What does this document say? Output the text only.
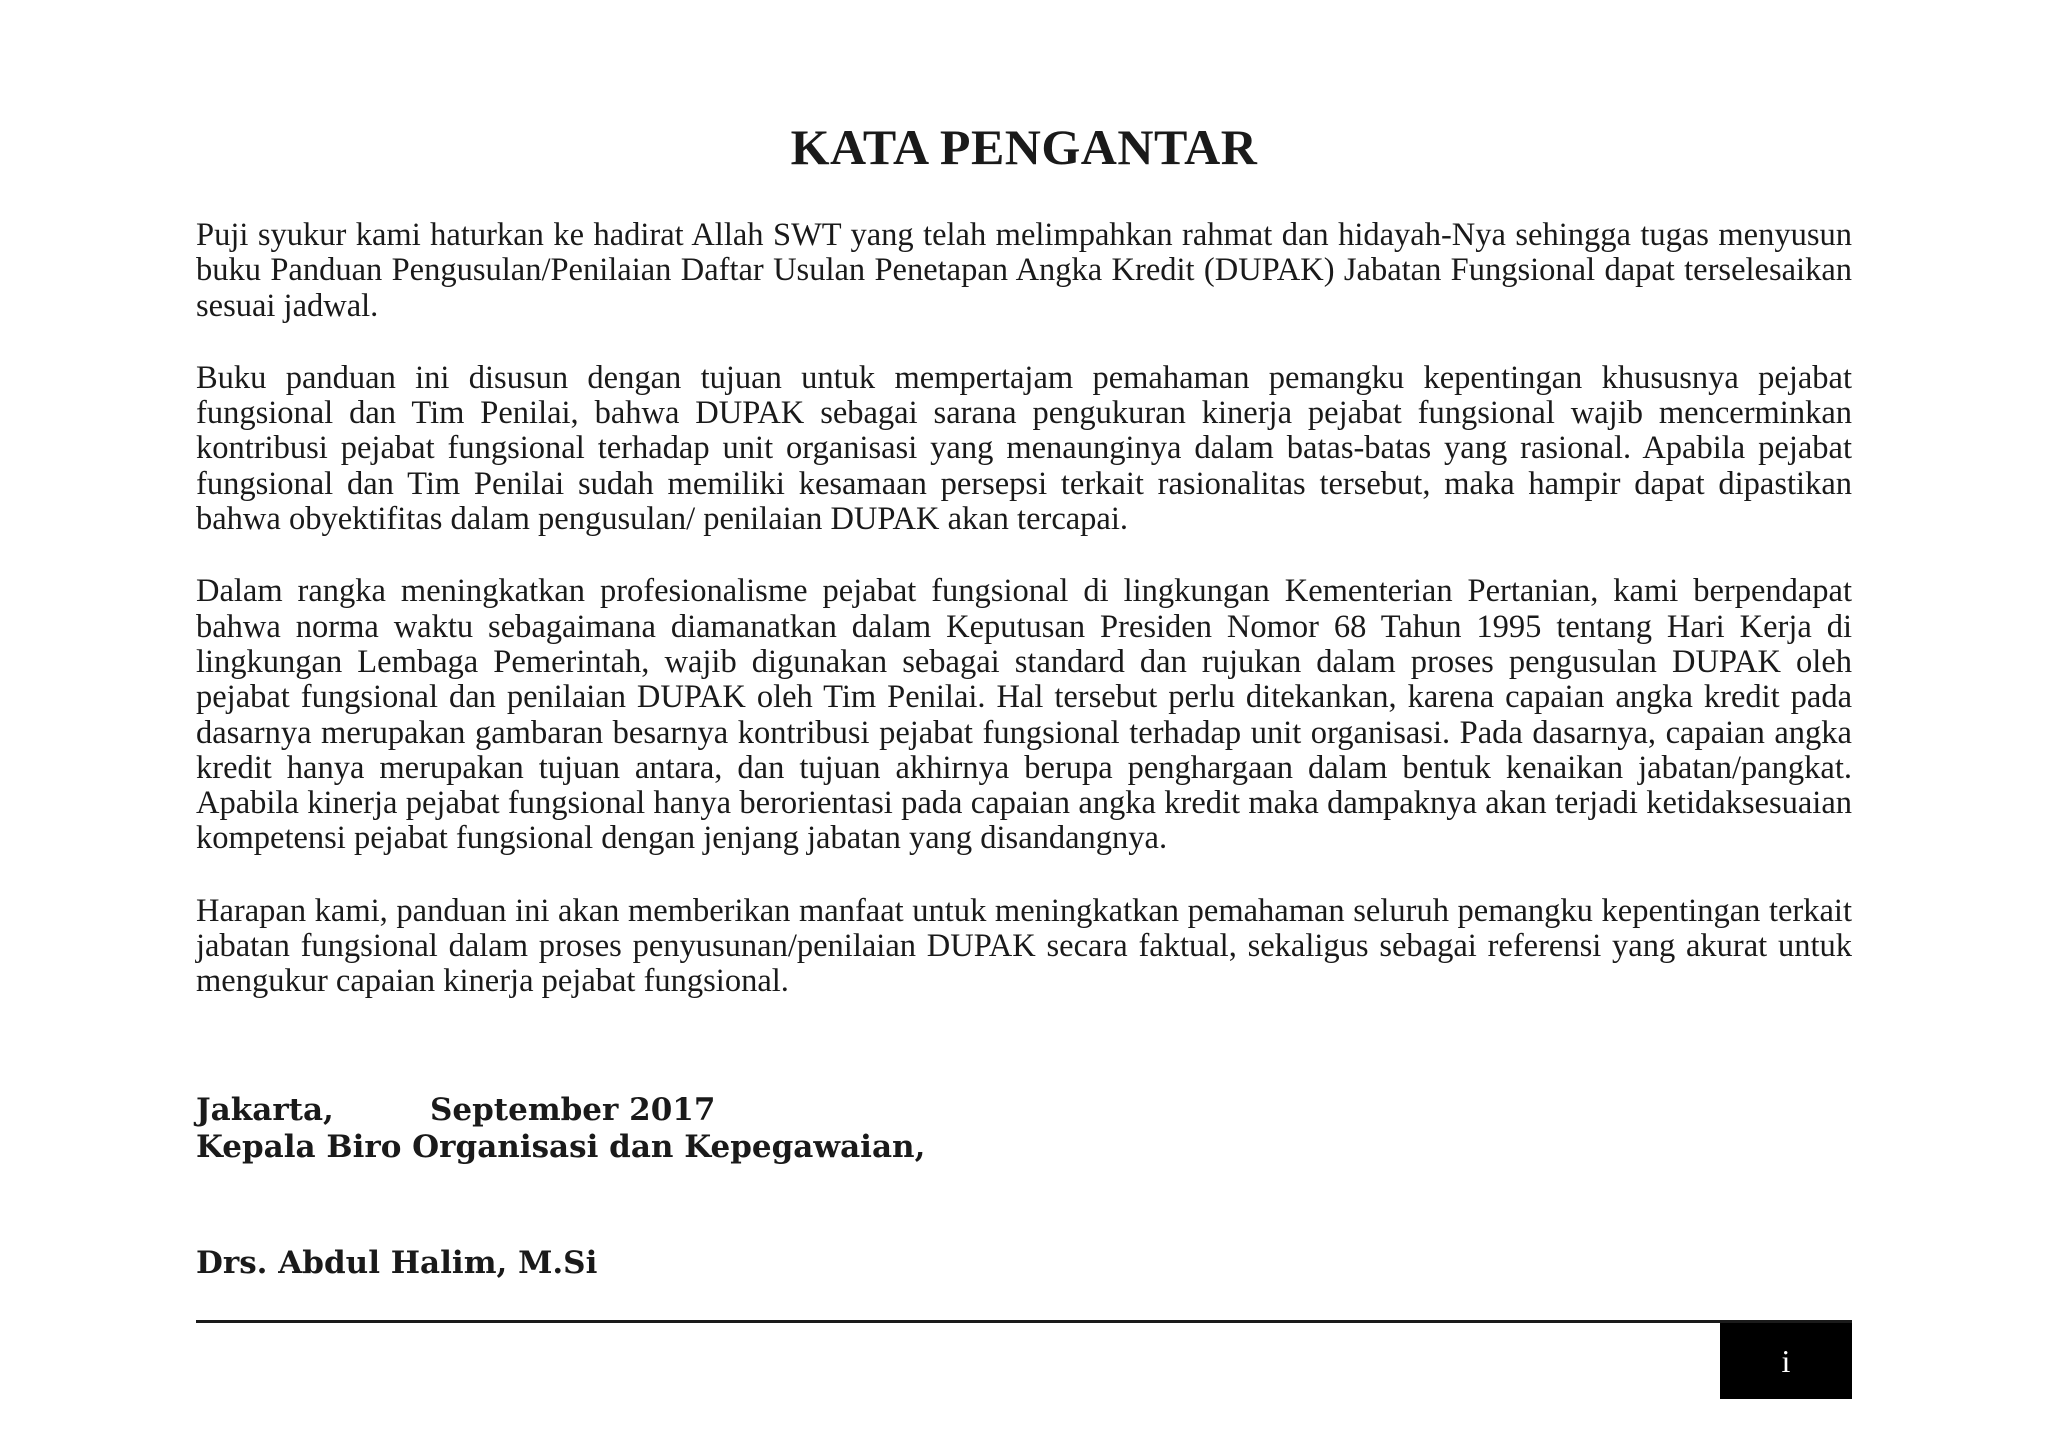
KATA PENGANTAR

Puji syukur kami haturkan ke hadirat Allah SWT yang telah melimpahkan rahmat dan hidayah-Nya sehingga tugas menyusun buku Panduan Pengusulan/Penilaian Daftar Usulan Penetapan Angka Kredit (DUPAK) Jabatan Fungsional dapat terselesaikan sesuai jadwal.

Buku panduan ini disusun dengan tujuan untuk mempertajam pemahaman pemangku kepentingan khususnya pejabat fungsional dan Tim Penilai, bahwa DUPAK sebagai sarana pengukuran kinerja pejabat fungsional wajib mencerminkan kontribusi pejabat fungsional terhadap unit organisasi yang menaunginya dalam batas-batas yang rasional. Apabila pejabat fungsional dan Tim Penilai sudah memiliki kesamaan persepsi terkait rasionalitas tersebut, maka hampir dapat dipastikan bahwa obyektifitas dalam pengusulan/ penilaian DUPAK akan tercapai.

Dalam rangka meningkatkan profesionalisme pejabat fungsional di lingkungan Kementerian Pertanian, kami berpendapat bahwa norma waktu sebagaimana diamanatkan dalam Keputusan Presiden Nomor 68 Tahun 1995 tentang Hari Kerja di lingkungan Lembaga Pemerintah, wajib digunakan sebagai standard dan rujukan dalam proses pengusulan DUPAK oleh pejabat fungsional dan penilaian DUPAK oleh Tim Penilai. Hal tersebut perlu ditekankan, karena capaian angka kredit pada dasarnya merupakan gambaran besarnya kontribusi pejabat fungsional terhadap unit organisasi. Pada dasarnya, capaian angka kredit hanya merupakan tujuan antara, dan tujuan akhirnya berupa penghargaan dalam bentuk kenaikan jabatan/pangkat. Apabila kinerja pejabat fungsional hanya berorientasi pada capaian angka kredit maka dampaknya akan terjadi ketidaksesuaian kompetensi pejabat fungsional dengan jenjang jabatan yang disandangnya.

Harapan kami, panduan ini akan memberikan manfaat untuk meningkatkan pemahaman seluruh pemangku kepentingan terkait jabatan fungsional dalam proses penyusunan/penilaian DUPAK secara faktual, sekaligus sebagai referensi yang akurat untuk mengukur capaian kinerja pejabat fungsional.

Jakarta,	September 2017

Kepala Biro Organisasi dan Kepegawaian,

Drs. Abdul Halim, M.Si

i
